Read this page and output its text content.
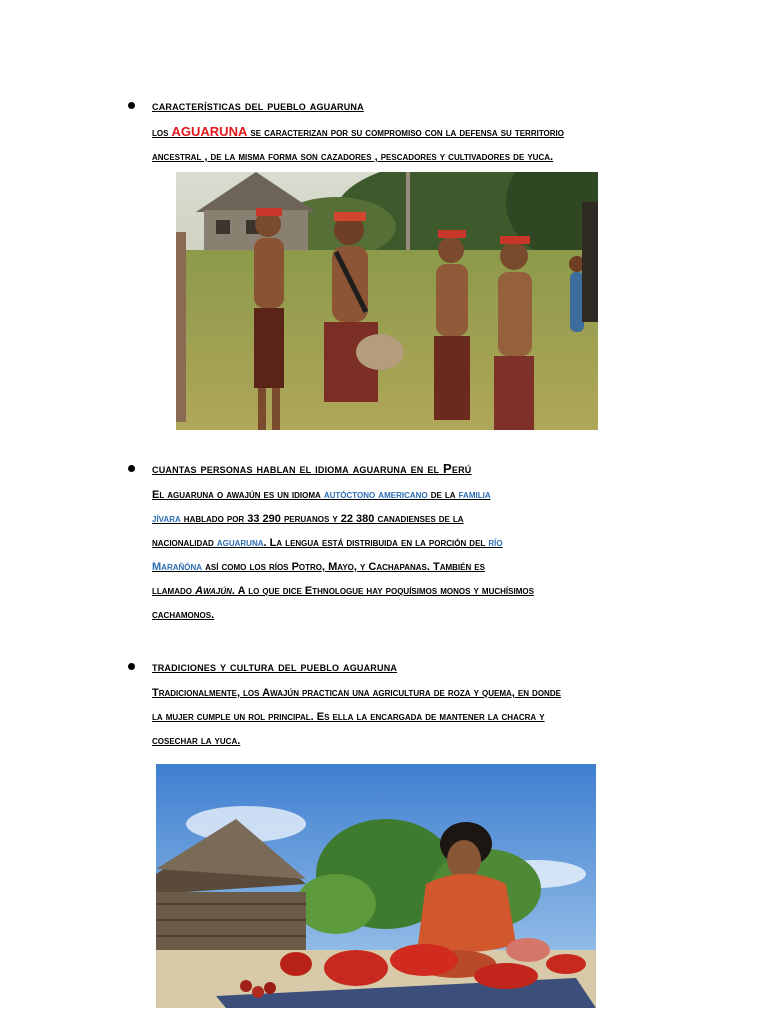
características del pueblo aguaruna
los AGUARUNA se caracterizan por su compromiso con la defensa su territorio
ancestral , de la misma forma son cazadores , pescadores y cultivadores de yuca.
cuantas personas hablan el idioma aguaruna en el Perú
El aguaruna o awajún es un idioma autóctono americano de la familia
jívara hablado por 33 290 peruanos y 22 380 canadienses de la
nacionalidad aguaruna. La lengua está distribuida en la porción del río
Marañóna así como los ríos Potro, Mayo, y Cachapanas. También es
llamado Awajún. A lo que dice Ethnologue hay poquísimos monos y muchísimos
cachamonos.
tradiciones y cultura del pueblo aguaruna
Tradicionalmente, los Awajún practican una agricultura de roza y quema, en donde
la mujer cumple un rol principal. Es ella la encargada de mantener la chacra y
cosechar la yuca.
